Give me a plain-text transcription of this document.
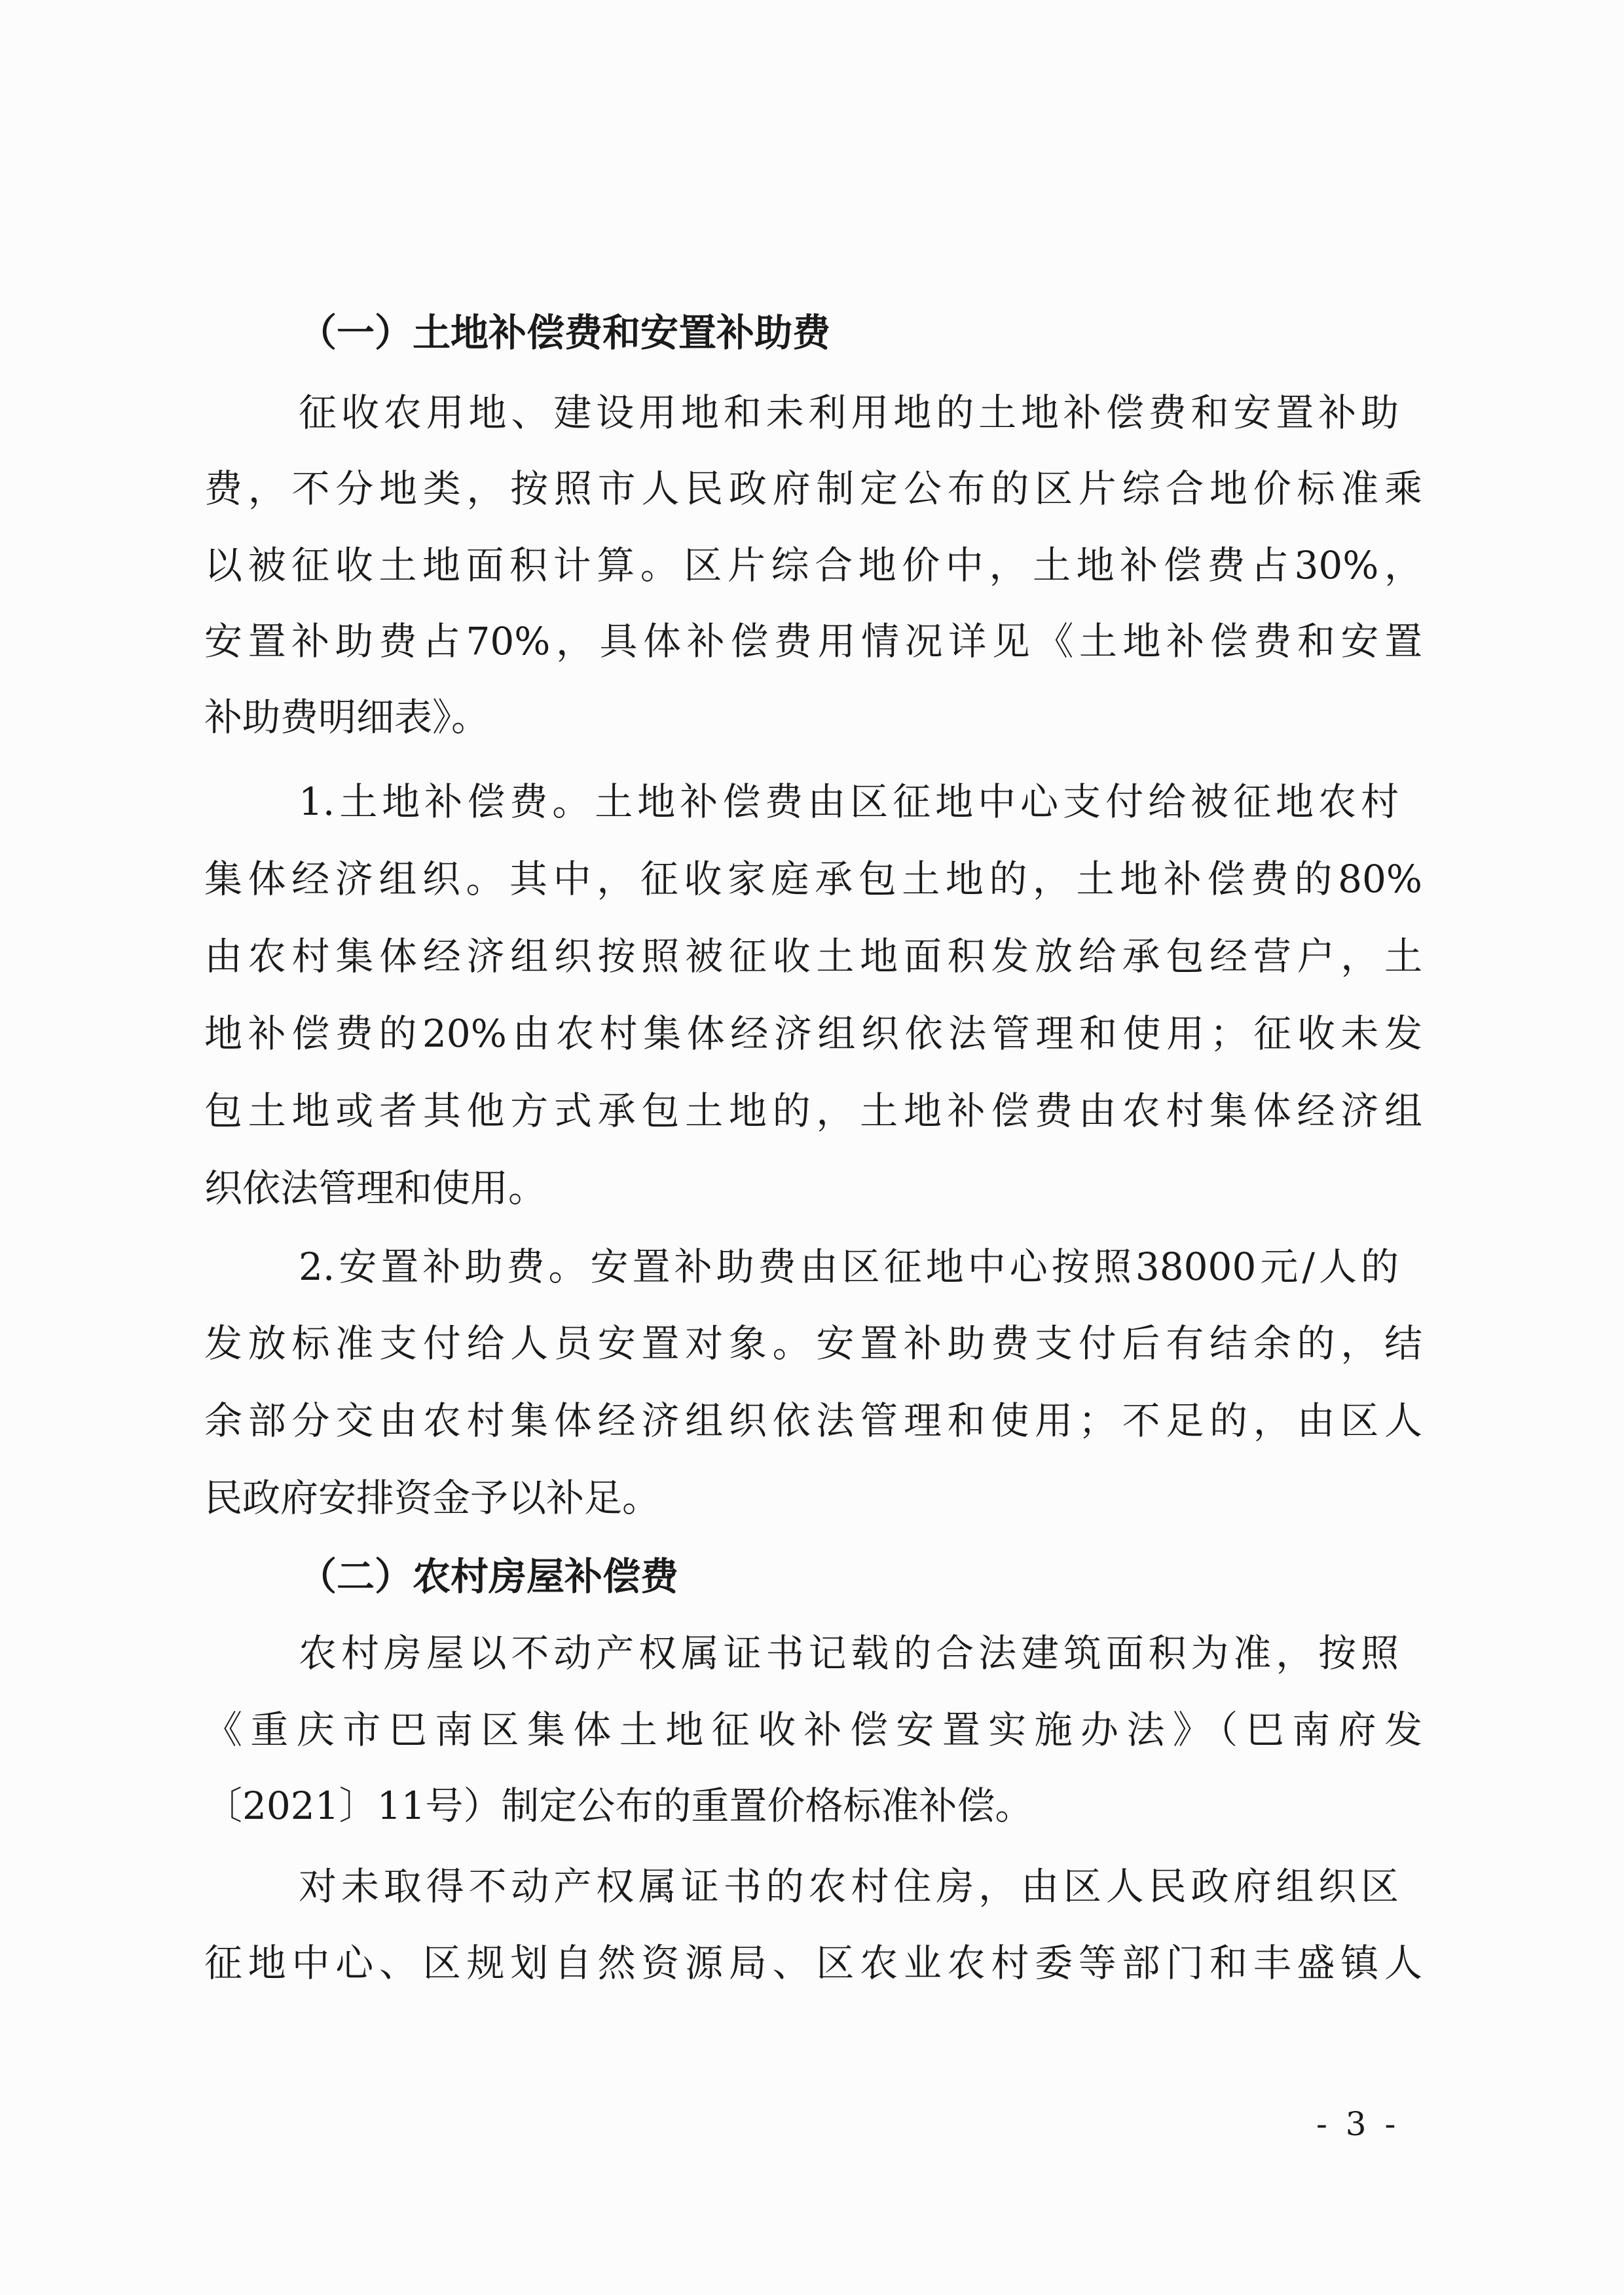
（一）土地补偿费和安置补助费
征收农用地、建设用地和未利用地的土地补偿费和安置补助
费，不分地类，按照市人民政府制定公布的区片综合地价标准乘
以被征收土地面积计算。区片综合地价中，土地补偿费占30%，
安置补助费占70%，具体补偿费用情况详见《土地补偿费和安置
补助费明细表》。
1.土地补偿费。土地补偿费由区征地中心支付给被征地农村
集体经济组织。其中，征收家庭承包土地的，土地补偿费的80%
由农村集体经济组织按照被征收土地面积发放给承包经营户，土
地补偿费的20%由农村集体经济组织依法管理和使用；征收未发
包土地或者其他方式承包土地的，土地补偿费由农村集体经济组
织依法管理和使用。
2.安置补助费。安置补助费由区征地中心按照38000元/人的
发放标准支付给人员安置对象。安置补助费支付后有结余的，结
余部分交由农村集体经济组织依法管理和使用；不足的，由区人
民政府安排资金予以补足。
（二）农村房屋补偿费
农村房屋以不动产权属证书记载的合法建筑面积为准，按照
《重庆市巴南区集体土地征收补偿安置实施办法》（巴南府发
〔2021〕11号）制定公布的重置价格标准补偿。
对未取得不动产权属证书的农村住房，由区人民政府组织区
征地中心、区规划自然资源局、区农业农村委等部门和丰盛镇人
- 3 -
